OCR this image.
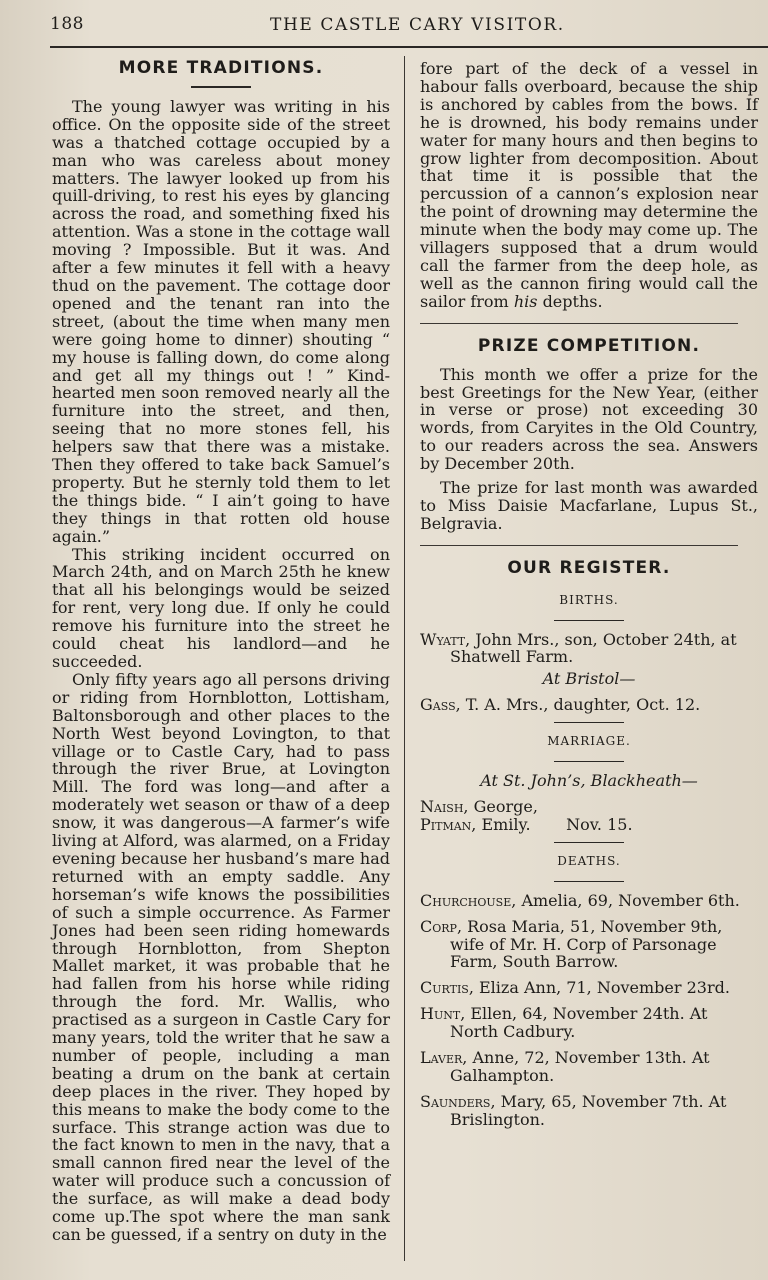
188	THE CASTLE CARY VISITOR.
MORE TRADITIONS.

The young lawyer was writing in his office. On the opposite side of the street was a thatched cottage occupied by a man who was careless about money matters. The lawyer looked up from his quill-driving, to rest his eyes by glancing across the road, and something fixed his attention. Was a stone in the cottage wall moving ? Impossible. But it was. And after a few minutes it fell with a heavy thud on the pavement. The cottage door opened and the tenant ran into the street, (about the time when many men were going home to dinner) shouting “ my house is falling down, do come along and get all my things out ! ” Kind-hearted men soon removed nearly all the furniture into the street, and then, seeing that no more stones fell, his helpers saw that there was a mistake. Then they offered to take back Samuel’s property. But he sternly told them to let the things bide. “ I ain’t going to have they things in that rotten old house again.”

This striking incident occurred on March 24th, and on March 25th he knew that all his belongings would be seized for rent, very long due. If only he could remove his furniture into the street he could cheat his landlord—and he succeeded.

Only fifty years ago all persons driving or riding from Hornblotton, Lottisham, Baltonsborough and other places to the North West beyond Lovington, to that village or to Castle Cary, had to pass through the river Brue, at Lovington Mill. The ford was long—and after a moderately wet season or thaw of a deep snow, it was dangerous—A farmer’s wife living at Alford, was alarmed, on a Friday evening because her husband’s mare had returned with an empty saddle. Any horseman’s wife knows the possibilities of such a simple occurrence. As Farmer Jones had been seen riding homewards through Hornblotton, from Shepton Mallet market, it was probable that he had fallen from his horse while riding through the ford. Mr. Wallis, who practised as a surgeon in Castle Cary for many years, told the writer that he saw a number of people, including a man beating a drum on the bank at certain deep places in the river. They hoped by this means to make the body come to the surface. This strange action was due to the fact known to men in the navy, that a small cannon fired near the level of the water will produce such a concussion of the surface, as will make a dead body come up.The spot where the man sank can be guessed, if a sentry on duty in the

fore part of the deck of a vessel in habour falls overboard, because the ship is anchored by cables from the bows. If he is drowned, his body remains under water for many hours and then begins to grow lighter from decomposition. About that time it is possible that the percussion of a cannon’s explosion near the point of drowning may determine the minute when the body may come up. The villagers supposed that a drum would call the farmer from the deep hole, as well as the cannon firing would call the sailor from his depths.

PRIZE COMPETITION.

This month we offer a prize for the best Greetings for the New Year, (either in verse or prose) not exceeding 30 words, from Caryites in the Old Country, to our readers across the sea. Answers by December 20th.

The prize for last month was awarded to Miss Daisie Macfarlane, Lupus St., Belgravia.

OUR REGISTER.
BIRTHS.

Wyatt, John Mrs., son, October 24th, at Shatwell Farm.

At Bristol—

Gass, T. A. Mrs., daughter, Oct. 12.

MARRIAGE.
At St. John’s, Blackheath—

Naish, George,

Pitman, Emily. Nov. 15.

DEATHS.

Churchouse, Amelia, 69, November 6th.

Corp, Rosa Maria, 51, November 9th, wife of Mr. H. Corp of Parsonage Farm, South Barrow.

Curtis, Eliza Ann, 71, November 23rd.

Hunt, Ellen, 64, November 24th. At North Cadbury.

Laver, Anne, 72, November 13th. At Galhampton.

Saunders, Mary, 65, November 7th. At Brislington.
